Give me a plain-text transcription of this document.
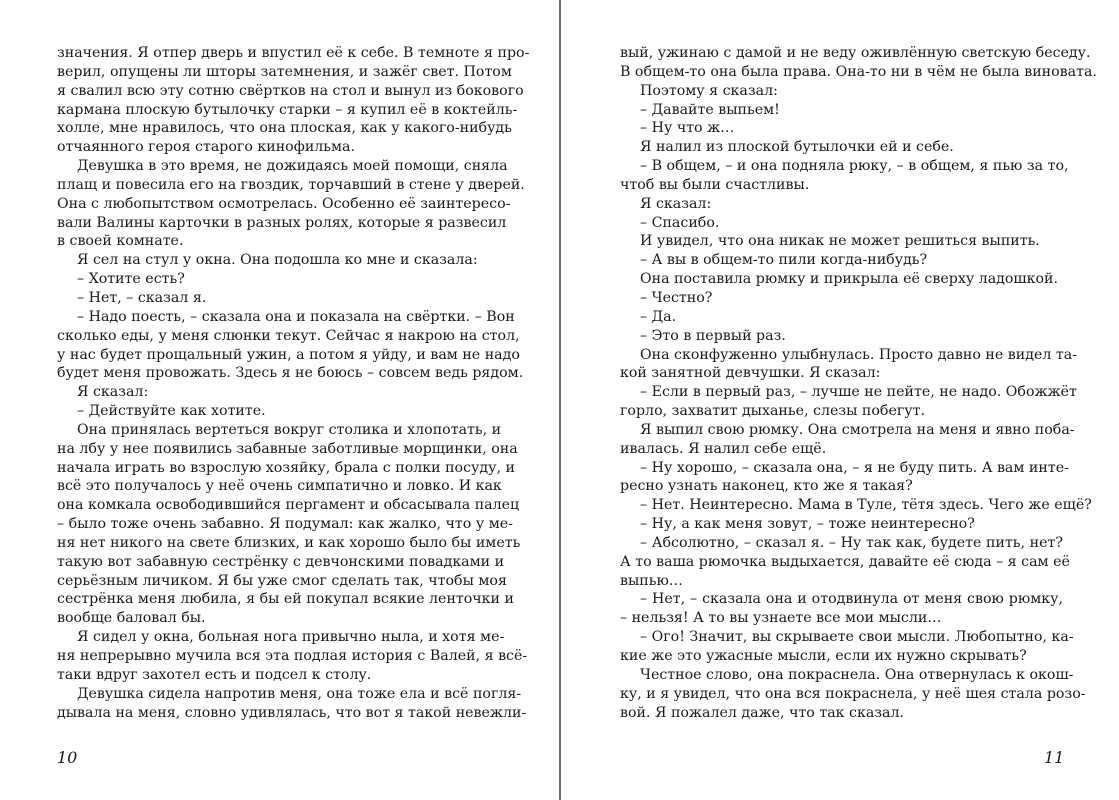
значения. Я отпер дверь и впустил её к себе. В темноте я про-
верил, опущены ли шторы затемнения, и зажёг свет. Потом
я свалил всю эту сотню свёртков на стол и вынул из бокового
кармана плоскую бутылочку старки – я купил её в коктейль-
холле, мне нравилось, что она плоская, как у какого-нибудь
отчаянного героя старого кинофильма.
Девушка в это время, не дожидаясь моей помощи, сняла
плащ и повесила его на гвоздик, торчавший в стене у дверей.
Она с любопытством осмотрелась. Особенно её заинтересо-
вали Валины карточки в разных ролях, которые я развесил
в своей комнате.
Я сел на стул у окна. Она подошла ко мне и сказала:
– Хотите есть?
– Нет, – сказал я.
– Надо поесть, – сказала она и показала на свёртки. – Вон
сколько еды, у меня слюнки текут. Сейчас я накрою на стол,
у нас будет прощальный ужин, а потом я уйду, и вам не надо
будет меня провожать. Здесь я не боюсь – совсем ведь рядом.
Я сказал:
– Действуйте как хотите.
Она принялась вертеться вокруг столика и хлопотать, и
на лбу у нее появились забавные заботливые морщинки, она
начала играть во взрослую хозяйку, брала с полки посуду, и
всё это получалось у неё очень симпатично и ловко. И как
она комкала освободившийся пергамент и обсасывала палец
– было тоже очень забавно. Я подумал: как жалко, что у ме-
ня нет никого на свете близких, и как хорошо было бы иметь
такую вот забавную сестрёнку с девчонскими повадками и
серьёзным личиком. Я бы уже смог сделать так, чтобы моя
сестрёнка меня любила, я бы ей покупал всякие ленточки и
вообще баловал бы.
Я сидел у окна, больная нога привычно ныла, и хотя ме-
ня непрерывно мучила вся эта подлая история с Валей, я всё-
таки вдруг захотел есть и подсел к столу.
Девушка сидела напротив меня, она тоже ела и всё погля-
дывала на меня, словно удивлялась, что вот я такой невежли-
вый, ужинаю с дамой и не веду оживлённую светскую беседу.
В общем-то она была права. Она-то ни в чём не была виновата.
Поэтому я сказал:
– Давайте выпьем!
– Ну что ж…
Я налил из плоской бутылочки ей и себе.
– В общем, – и она подняла рюку, – в общем, я пью за то,
чтоб вы были счастливы.
Я сказал:
– Спасибо.
И увидел, что она никак не может решиться выпить.
– А вы в общем-то пили когда-нибудь?
Она поставила рюмку и прикрыла её сверху ладошкой.
– Честно?
– Да.
– Это в первый раз.
Она сконфуженно улыбнулась. Просто давно не видел та-
кой занятной девчушки. Я сказал:
– Если в первый раз, – лучше не пейте, не надо. Обожжёт
горло, захватит дыханье, слезы побегут.
Я выпил свою рюмку. Она смотрела на меня и явно поба-
ивалась. Я налил себе ещё.
– Ну хорошо, – сказала она, – я не буду пить. А вам инте-
ресно узнать наконец, кто же я такая?
– Нет. Неинтересно. Мама в Туле, тётя здесь. Чего же ещё?
– Ну, а как меня зовут, – тоже неинтересно?
– Абсолютно, – сказал я. – Ну так как, будете пить, нет?
А то ваша рюмочка выдыхается, давайте её сюда – я сам её
выпью…
– Нет, – сказала она и отодвинула от меня свою рюмку,
– нельзя! А то вы узнаете все мои мысли…
– Ого! Значит, вы скрываете свои мысли. Любопытно, ка-
кие же это ужасные мысли, если их нужно скрывать?
Честное слово, она покраснела. Она отвернулась к окош-
ку, и я увидел, что она вся покраснела, у неё шея стала розо-
вой. Я пожалел даже, что так сказал.
10	11
